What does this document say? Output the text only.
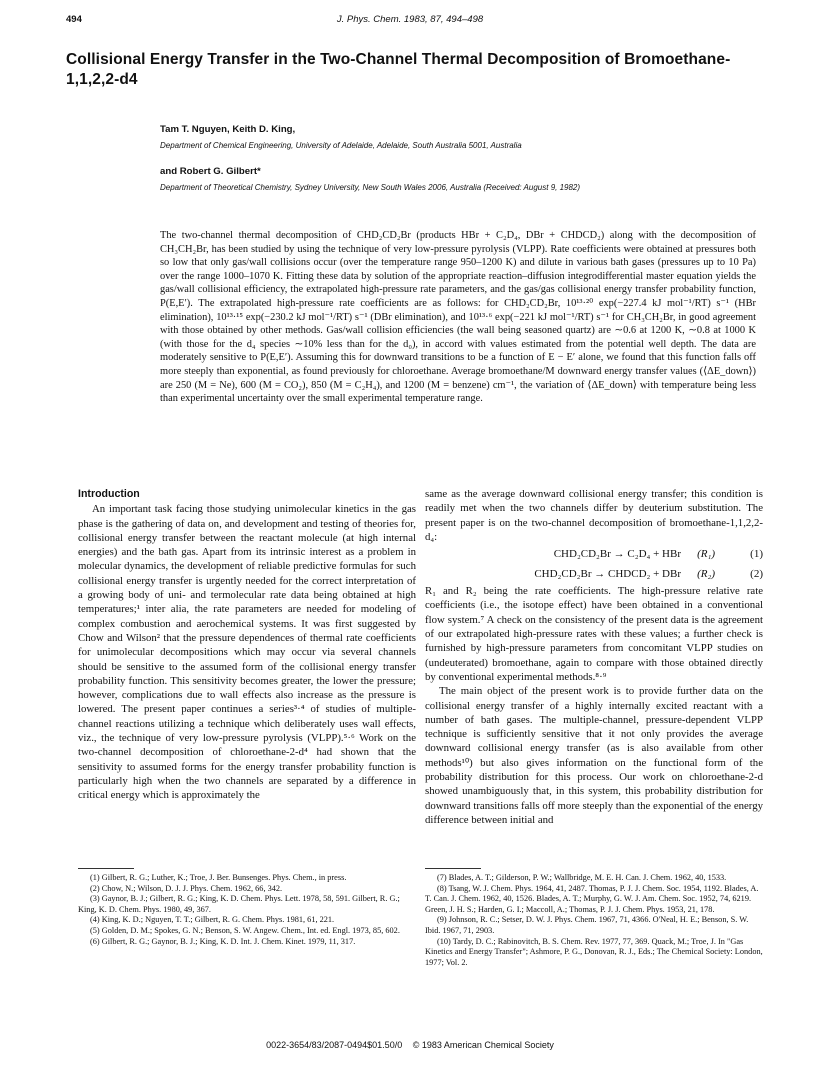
494	J. Phys. Chem. 1983, 87, 494–498
Collisional Energy Transfer in the Two-Channel Thermal Decomposition of Bromoethane-1,1,2,2-d4
Tam T. Nguyen, Keith D. King,
Department of Chemical Engineering, University of Adelaide, Adelaide, South Australia 5001, Australia
and Robert G. Gilbert*
Department of Theoretical Chemistry, Sydney University, New South Wales 2006, Australia (Received: August 9, 1982)
The two-channel thermal decomposition of CHD₂CD₂Br (products HBr + C₂D₄, DBr + CHDCD₂) along with the decomposition of CH₃CH₂Br, has been studied by using the technique of very low-pressure pyrolysis (VLPP). Rate coefficients were obtained at pressures both so low that only gas/wall collisions occur (over the temperature range 950–1200 K) and dilute in various bath gases (pressures up to 10 Pa) over the range 1000–1070 K. Fitting these data by solution of the appropriate reaction–diffusion integrodifferential master equation yields the gas/wall collisional efficiency, the extrapolated high-pressure rate parameters, and the gas/gas collisional energy transfer probability function, P(E,E′). The extrapolated high-pressure rate coefficients are as follows: for CHD₂CD₂Br, 10¹³·²⁰ exp(−227.4 kJ mol⁻¹/RT) s⁻¹ (HBr elimination), 10¹³·¹⁵ exp(−230.2 kJ mol⁻¹/RT) s⁻¹ (DBr elimination), and 10¹³·⁶ exp(−221 kJ mol⁻¹/RT) s⁻¹ for CH₃CH₂Br, in good agreement with those obtained by other methods. Gas/wall collision efficiencies (the wall being seasoned quartz) are ∼0.6 at 1200 K, ∼0.8 at 1000 K (with those for the d₄ species ∼10% less than for the d₀), in accord with values estimated from the potential well depth. The data are moderately sensitive to P(E,E′). Assuming this for downward transitions to be a function of E − E′ alone, we found that this function falls off more steeply than exponential, as found previously for chloroethane. Average bromoethane/M downward energy transfer values (⟨ΔE_down⟩) are 250 (M = Ne), 600 (M = CO₂), 850 (M = C₂H₄), and 1200 (M = benzene) cm⁻¹, the variation of ⟨ΔE_down⟩ with temperature being less than experimental uncertainty over the small experimental temperature range.
Introduction

An important task facing those studying unimolecular kinetics in the gas phase is the gathering of data on, and development and testing of theories for, collisional energy transfer between the reactant molecule (at high internal energies) and the bath gas. Apart from its intrinsic interest as a problem in molecular dynamics, the development of reliable predictive formulas for such collisional energy transfer is urgently needed for the correct interpretation of a growing body of uni- and termolecular rate data being obtained at high temperatures;¹ inter alia, the rate parameters are needed for modeling of complex combustion and aerochemical systems. It was first suggested by Chow and Wilson² that the pressure dependences of thermal rate coefficients for unimolecular decompositions which may occur via several channels should be sensitive to the assumed form of the collisional energy transfer probability function. This sensitivity becomes greater, the lower the pressure; however, complications due to wall effects also increase as the pressure is lowered. The present paper continues a series³·⁴ of studies of multiple-channel reactions utilizing a technique which deliberately uses wall effects, viz., the technique of very low-pressure pyrolysis (VLPP).⁵·⁶ Work on the two-channel decomposition of chloroethane-2-d⁴ had shown that the sensitivity to assumed forms for the energy transfer probability function is particularly high when the two channels are separated by a difference in critical energy which is approximately the

same as the average downward collisional energy transfer; this condition is readily met when the two channels differ by deuterium substitution. The present paper is on the two-channel decomposition of bromoethane-1,1,2,2-d₄:

CHD₂CD₂Br → C₂D₄ + HBr (R₁)	(1)
CHD₂CD₂Br → CHDCD₂ + DBr (R₂)	(2)

R₁ and R₂ being the rate coefficients. The high-pressure relative rate coefficients (i.e., the isotope effect) have been obtained in a conventional flow system.⁷ A check on the consistency of the present data is the agreement of our extrapolated high-pressure rates with these values; a further check is furnished by high-pressure parameters from concomitant VLPP studies on (undeuterated) bromoethane, again to compare with those obtained directly by conventional experimental methods.⁸·⁹

The main object of the present work is to provide further data on the collisional energy transfer of a highly internally excited reactant with a number of bath gases. The multiple-channel, pressure-dependent VLPP technique is sufficiently sensitive that it not only provides the average downward collisional energy transfer (as is also available from other methods¹⁰) but also gives information on the functional form of the probability distribution for this process. Our work on chloroethane-2-d showed unambiguously that, in this system, this probability distribution for downward transitions falls off more steeply than the exponential of the energy difference between initial and

(1) Gilbert, R. G.; Luther, K.; Troe, J. Ber. Bunsenges. Phys. Chem., in press.
(2) Chow, N.; Wilson, D. J. J. Phys. Chem. 1962, 66, 342.
(3) Gaynor, B. J.; Gilbert, R. G.; King, K. D. Chem. Phys. Lett. 1978, 58, 591. Gilbert, R. G.; King, K. D. Chem. Phys. 1980, 49, 367.
(4) King, K. D.; Nguyen, T. T.; Gilbert, R. G. Chem. Phys. 1981, 61, 221.
(5) Golden, D. M.; Spokes, G. N.; Benson, S. W. Angew. Chem., Int. ed. Engl. 1973, 85, 602.
(6) Gilbert, R. G.; Gaynor, B. J.; King, K. D. Int. J. Chem. Kinet. 1979, 11, 317.
(7) Blades, A. T.; Gilderson, P. W.; Wallbridge, M. E. H. Can. J. Chem. 1962, 40, 1533.
(8) Tsang, W. J. Chem. Phys. 1964, 41, 2487. Thomas, P. J. J. Chem. Soc. 1954, 1192. Blades, A. T. Can. J. Chem. 1962, 40, 1526. Blades, A. T.; Murphy, G. W. J. Am. Chem. Soc. 1952, 74, 6219. Green, J. H. S.; Harden, G. I.; Maccoll, A.; Thomas, P. J. J. Chem. Phys. 1953, 21, 178.
(9) Johnson, R. C.; Setser, D. W. J. Phys. Chem. 1967, 71, 4366. O'Neal, H. E.; Benson, S. W. Ibid. 1967, 71, 2903.
(10) Tardy, D. C.; Rabinovitch, B. S. Chem. Rev. 1977, 77, 369. Quack, M.; Troe, J. In "Gas Kinetics and Energy Transfer"; Ashmore, P. G., Donovan, R. J., Eds.; The Chemical Society: London, 1977; Vol. 2.
0022-3654/83/2087-0494$01.50/0 © 1983 American Chemical Society
